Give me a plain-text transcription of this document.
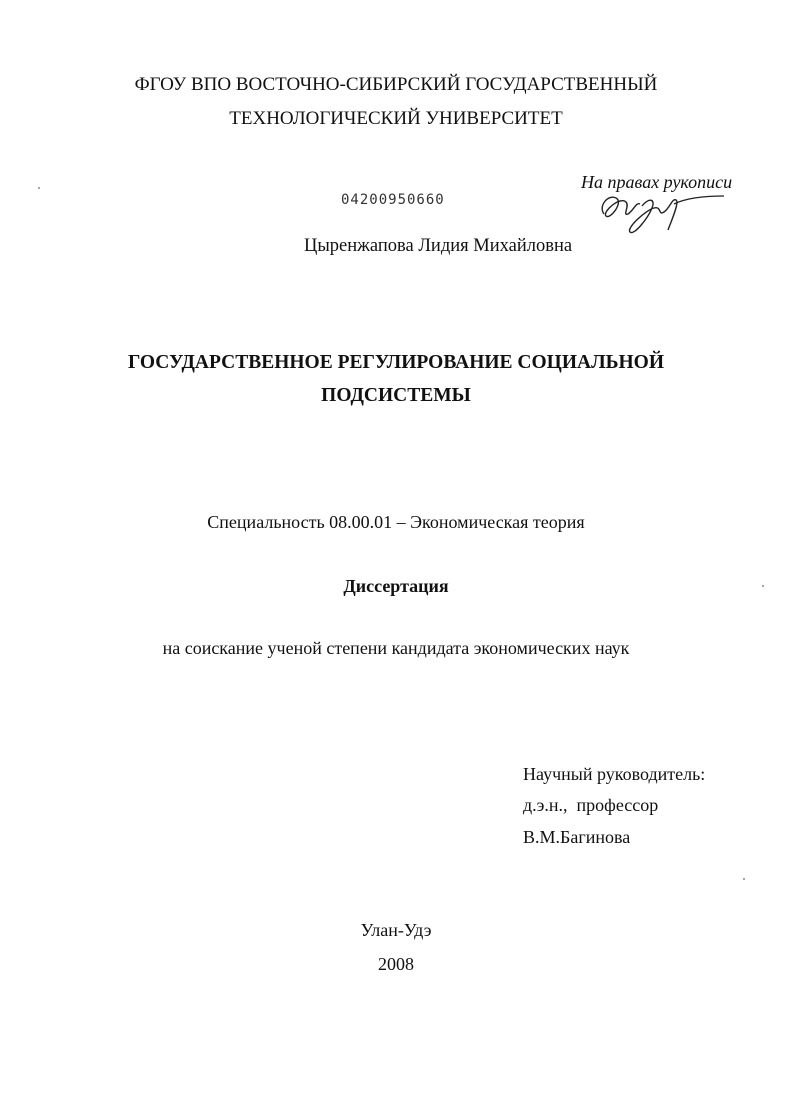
ФГОУ ВПО ВОСТОЧНО-СИБИРСКИЙ ГОСУДАРСТВЕННЫЙ
ТЕХНОЛОГИЧЕСКИЙ УНИВЕРСИТЕТ
04200950660
На правах рукописи
Цыренжапова Лидия Михайловна
ГОСУДАРСТВЕННОЕ РЕГУЛИРОВАНИЕ СОЦИАЛЬНОЙ
ПОДСИСТЕМЫ
Специальность 08.00.01 – Экономическая теория
Диссертация
на соискание ученой степени кандидата экономических наук
Научный руководитель:
д.э.н.,  профессор
В.М.Багинова
Улан-Удэ
2008
